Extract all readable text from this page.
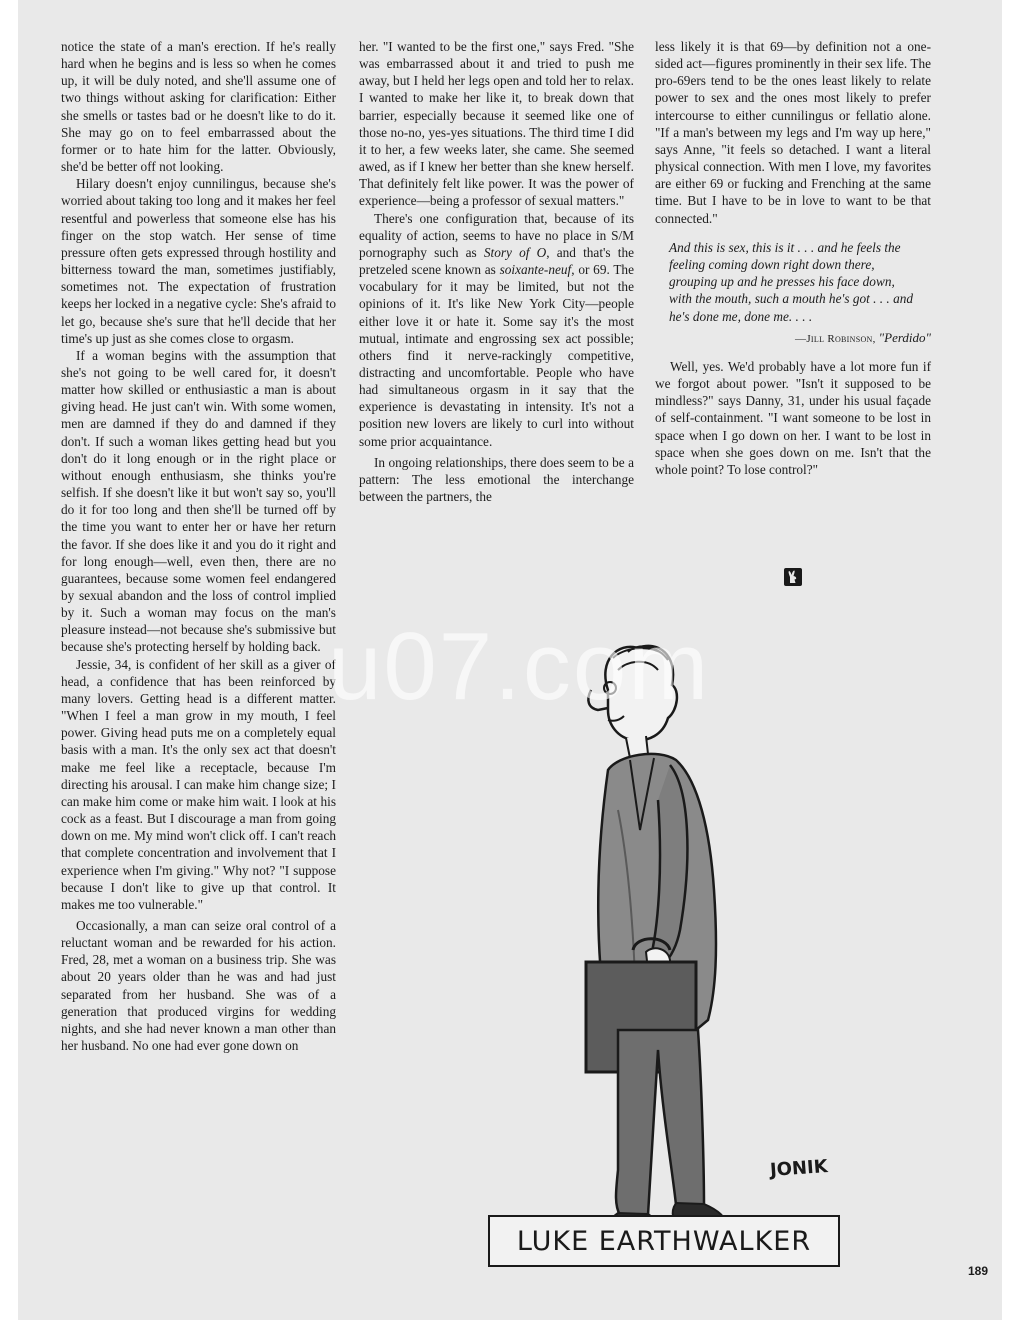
notice the state of a man's erection. If he's really hard when he begins and is less so when he comes up, it will be duly noted, and she'll assume one of two things without asking for clarification: Either she smells or tastes bad or he doesn't like to do it. She may go on to feel embarrassed about the former or to hate him for the latter. Obviously, she'd be better off not looking.

Hilary doesn't enjoy cunnilingus, because she's worried about taking too long and it makes her feel resentful and powerless that someone else has his finger on the stop watch. Her sense of time pressure often gets expressed through hostility and bitterness toward the man, sometimes justifiably, sometimes not. The expectation of frustration keeps her locked in a negative cycle: She's afraid to let go, because she's sure that he'll decide that her time's up just as she comes close to orgasm.

If a woman begins with the assumption that she's not going to be well cared for, it doesn't matter how skilled or enthusiastic a man is about giving head. He just can't win. With some women, men are damned if they do and damned if they don't. If such a woman likes getting head but you don't do it long enough or in the right place or without enough enthusiasm, she thinks you're selfish. If she doesn't like it but won't say so, you'll do it for too long and then she'll be turned off by the time you want to enter her or have her return the favor. If she does like it and you do it right and for long enough—well, even then, there are no guarantees, because some women feel endangered by sexual abandon and the loss of control implied by it. Such a woman may focus on the man's pleasure instead—not because she's submissive but because she's protecting herself by holding back.

Jessie, 34, is confident of her skill as a giver of head, a confidence that has been reinforced by many lovers. Getting head is a different matter. "When I feel a man grow in my mouth, I feel power. Giving head puts me on a completely equal basis with a man. It's the only sex act that doesn't make me feel like a receptacle, because I'm directing his arousal. I can make him change size; I can make him come or make him wait. I look at his cock as a feast. But I discourage a man from going down on me. My mind won't click off. I can't reach that complete concentration and involvement that I experience when I'm giving." Why not? "I suppose because I don't like to give up that control. It makes me too vulnerable."

Occasionally, a man can seize oral control of a reluctant woman and be rewarded for his action. Fred, 28, met a woman on a business trip. She was about 20 years older than he was and had just separated from her husband. She was of a generation that produced virgins for wedding nights, and she had never known a man other than her husband. No one had ever gone down on

her. "I wanted to be the first one," says Fred. "She was embarrassed about it and tried to push me away, but I held her legs open and told her to relax. I wanted to make her like it, to break down that barrier, especially because it seemed like one of those no-no, yes-yes situations. The third time I did it to her, a few weeks later, she came. She seemed awed, as if I knew her better than she knew herself. That definitely felt like power. It was the power of experience—being a professor of sexual matters."

There's one configuration that, because of its equality of action, seems to have no place in S/M pornography such as Story of O, and that's the pretzeled scene known as soixante-neuf, or 69. The vocabulary for it may be limited, but not the opinions of it. It's like New York City—people either love it or hate it. Some say it's the most mutual, intimate and engrossing sex act possible; others find it nerve-rackingly competitive, distracting and uncomfortable. People who have had simultaneous orgasm in it say that the experience is devastating in intensity. It's not a position new lovers are likely to curl into without some prior acquaintance.

In ongoing relationships, there does seem to be a pattern: The less emotional the interchange between the partners, the

less likely it is that 69—by definition not a one-sided act—figures prominently in their sex life. The pro-69ers tend to be the ones least likely to relate power to sex and the ones most likely to prefer intercourse to either cunnilingus or fellatio alone. "If a man's between my legs and I'm way up here," says Anne, "it feels so detached. I want a literal physical connection. With men I love, my favorites are either 69 or fucking and Frenching at the same time. But I have to be in love to want to be that connected."

And this is sex, this is it . . . and he feels the feeling coming down right down there, grouping up and he presses his face down, with the mouth, such a mouth he's got . . . and he's done me, done me. . . .
—Jill Robinson, "Perdido"

Well, yes. We'd probably have a lot more fun if we forgot about power. "Isn't it supposed to be mindless?" says Danny, 31, under his usual façade of self-containment. "I want someone to be lost in space when I go down on her. I want to be lost in space when she goes down on me. Isn't that the whole point? To lose control?"

JONIK
LUKE EARTHWALKER
u07.com
189
